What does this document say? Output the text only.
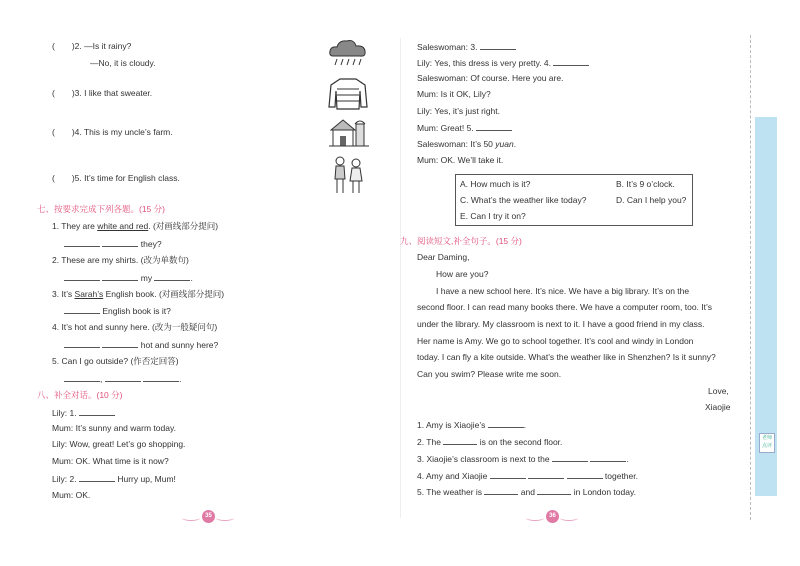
(　　)2. —Is it rainy?
—No, it is cloudy.
(　　)3. I like that sweater.
(　　)4. This is my uncle’s farm.
(　　)5. It’s time for English class.
七、按要求完成下列各题。(15 分)
1. They are white and red. (对画线部分提问)
they?
2. These are my shirts. (改为单数句)
my	.
3. It’s Sarah’s English book. (对画线部分提问)
English book is it?
4. It’s hot and sunny here. (改为一般疑问句)
hot and sunny here?
5. Can I go outside? (作否定回答)
,	.
八、补全对话。(10 分)
Lily: 1.
Mum: It’s sunny and warm today.
Lily: Wow, great! Let’s go shopping.
Mum: OK. What time is it now?
Lily: 2.	Hurry up, Mum!
Mum: OK.
35
Saleswoman: 3.
Lily: Yes, this dress is very pretty. 4.
Saleswoman: Of course. Here you are.
Mum: Is it OK, Lily?
Lily: Yes, it’s just right.
Mum: Great! 5.
Saleswoman: It’s 50 yuan.
Mum: OK. We’ll take it.
A. How much is it?	B. It’s 9 o’clock.
C. What’s the weather like today?	D. Can I help you?
E. Can I try it on?
九、阅读短文,补全句子。(15 分)
Dear Daming,
How are you?
I have a new school here. It’s nice. We have a big library. It’s on the
second floor. I can read many books there. We have a computer room, too. It’s
under the library. My classroom is next to it. I have a good friend in my class.
Her name is Amy. We go to school together. It’s cool and windy in London
today. I can fly a kite outside. What’s the weather like in Shenzhen? Is it sunny?
Can you swim? Please write me soon.
Love,
Xiaojie
1. Amy is Xiaojie’s	.
2. The	is on the second floor.
3. Xiaojie’s classroom is next to the	.
4. Amy and Xiaojie	together.
5. The weather is	and	in London today.
36
老师点评
